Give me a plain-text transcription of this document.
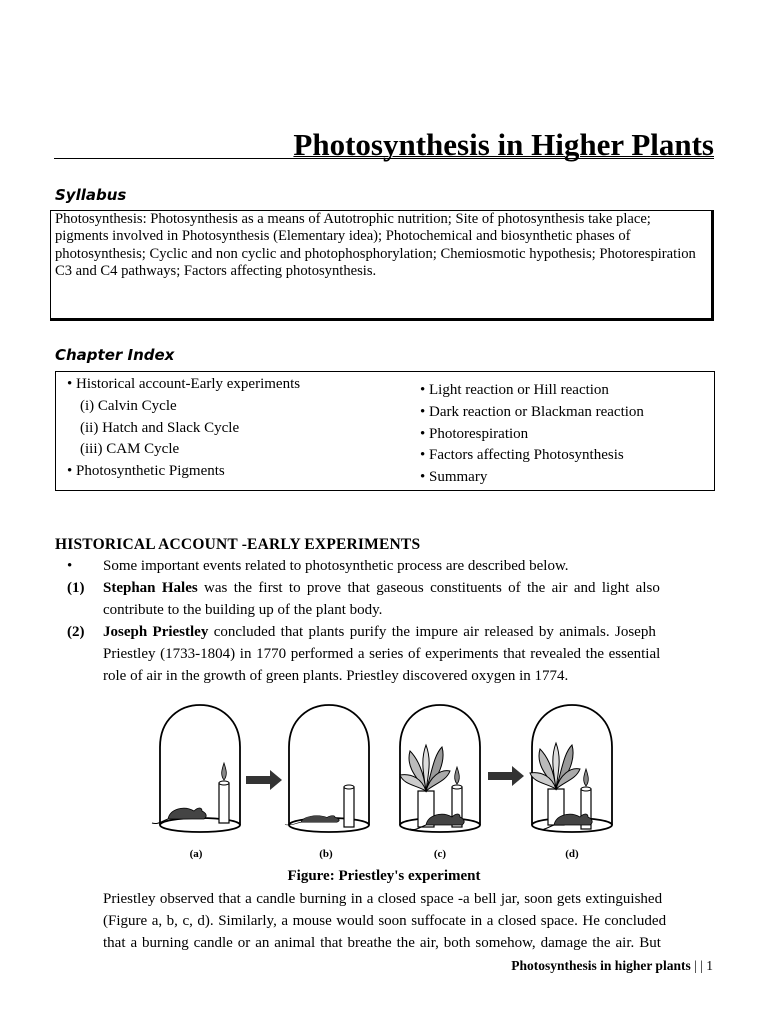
Photosynthesis in Higher Plants
Syllabus
Photosynthesis: Photosynthesis as a means of Autotrophic nutrition; Site of photosynthesis take place; pigments involved in Photosynthesis (Elementary idea); Photochemical and biosynthetic phases of photosynthesis; Cyclic and non cyclic and photophosphorylation; Chemiosmotic hypothesis; Photorespiration C3 and C4 pathways; Factors affecting photosynthesis.
Chapter Index
• Historical account-Early experiments
(i) Calvin Cycle
(ii) Hatch and Slack Cycle
(iii) CAM Cycle
• Photosynthetic Pigments
• Light reaction or Hill reaction
• Dark reaction or Blackman reaction
• Photorespiration
• Factors affecting Photosynthesis
• Summary
HISTORICAL ACCOUNT -EARLY EXPERIMENTS
• Some important events related to photosynthetic process are described below.
(1) Stephan Hales was the first to prove that gaseous constituents of the air and light also
contribute to the building up of the plant body.
(2) Joseph Priestley concluded that plants purify the impure air released by animals. Joseph
Priestley (1733-1804) in 1770 performed a series of experiments that revealed the essential
role of air in the growth of green plants. Priestley discovered oxygen in 1774.
(a)	(b)	(c)	(d)
Figure: Priestley's experiment
Priestley observed that a candle burning in a closed space -a bell jar, soon gets extinguished
(Figure a, b, c, d). Similarly, a mouse would soon suffocate in a closed space. He concluded
that a burning candle or an animal that breathe the air, both somehow, damage the air. But
Photosynthesis in higher plants | | 1
